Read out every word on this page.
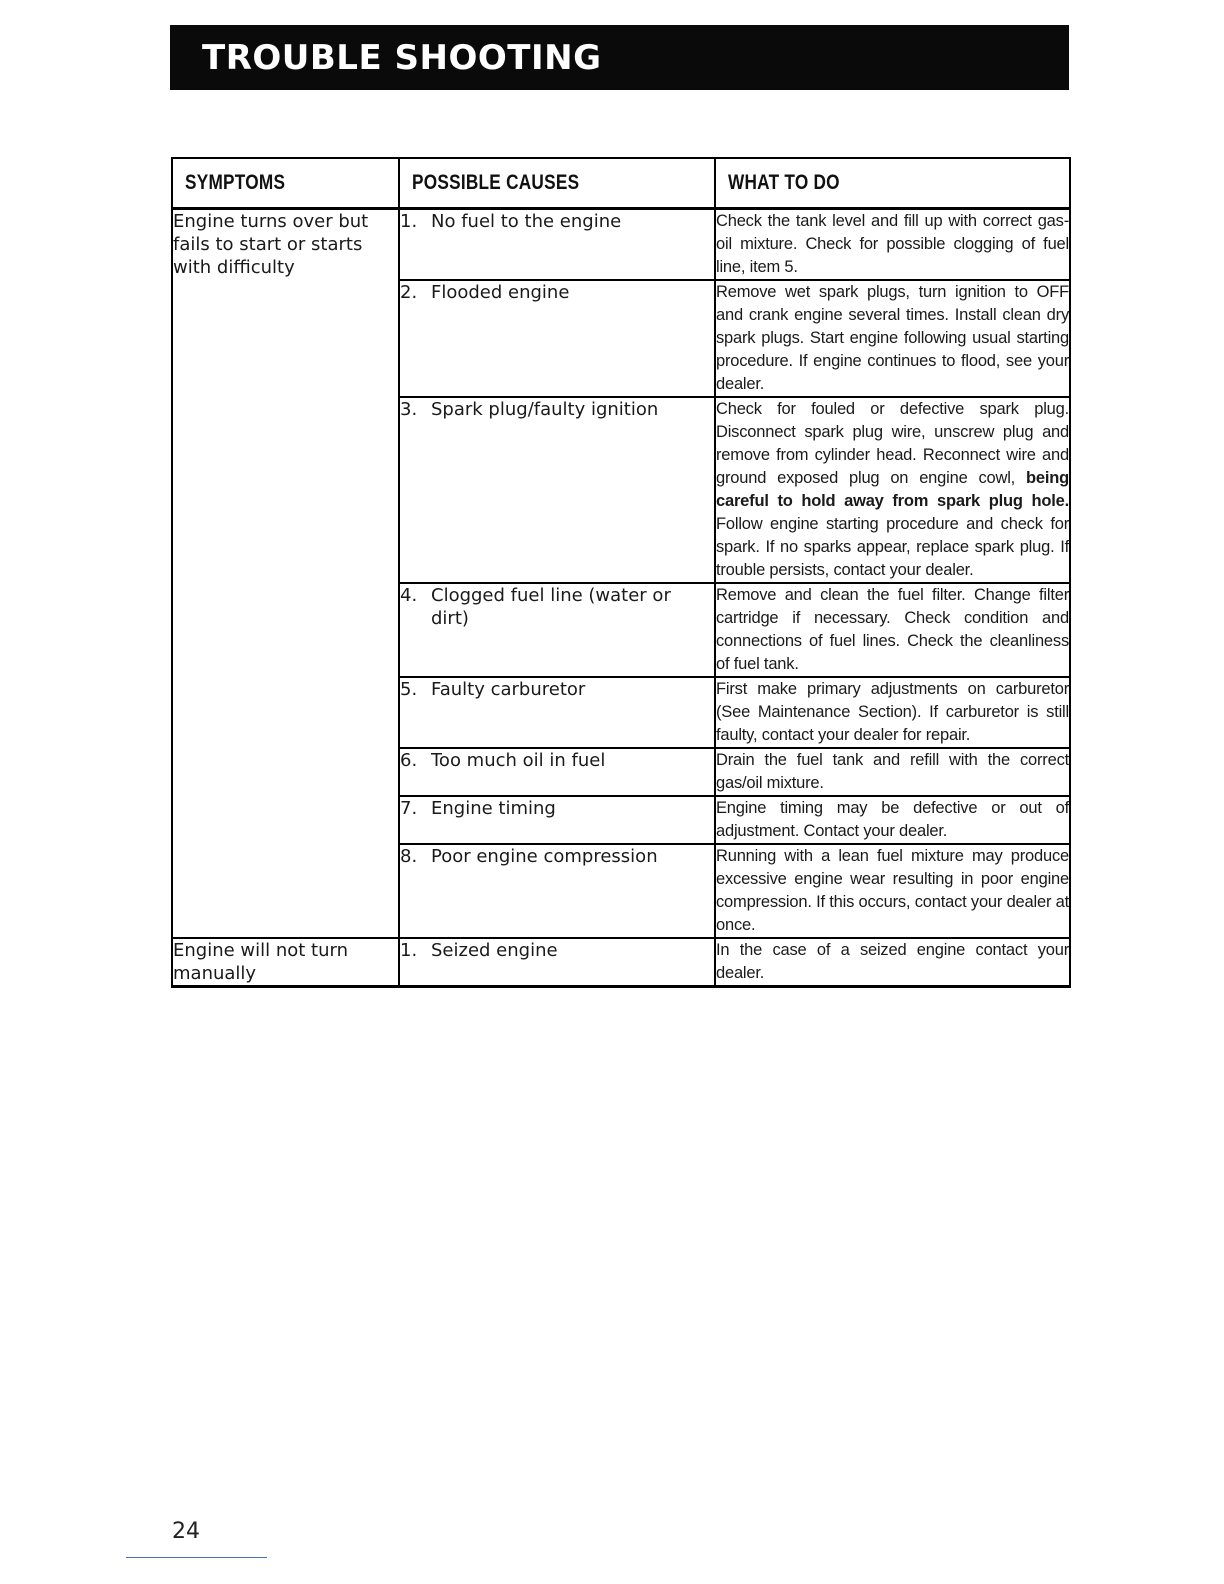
TROUBLE SHOOTING
SYMPTOMS	POSSIBLE CAUSES	WHAT TO DO
Engine turns over but fails to start or starts with difficulty	1. No fuel to the engine	Check the tank level and fill up with correct gas-oil mixture. Check for possible clogging of fuel line, item 5.

	2. Flooded engine	Remove wet spark plugs, turn ignition to OFF and crank engine several times. Install clean dry spark plugs. Start engine following usual starting procedure. If engine continues to flood, see your dealer.

	3. Spark plug/faulty ignition	Check for fouled or defective spark plug. Disconnect spark plug wire, unscrew plug and remove from cylinder head. Reconnect wire and ground exposed plug on engine cowl, being careful to hold away from spark plug hole. Follow engine starting procedure and check for spark. If no sparks appear, replace spark plug. If trouble persists, contact your dealer.

	4. Clogged fuel line (water or dirt)	Remove and clean the fuel filter. Change filter cartridge if necessary. Check condition and connections of fuel lines. Check the cleanliness of fuel tank.

	5. Faulty carburetor	First make primary adjustments on carburetor (See Maintenance Section). If carburetor is still faulty, contact your dealer for repair.

	6. Too much oil in fuel	Drain the fuel tank and refill with the correct gas/oil mixture.

	7. Engine timing	Engine timing may be defective or out of adjustment. Contact your dealer.

	8. Poor engine compression	Running with a lean fuel mixture may produce excessive engine wear resulting in poor engine compression. If this occurs, contact your dealer at once.

Engine will not turn manually	1. Seized engine	In the case of a seized engine contact your dealer.
24
